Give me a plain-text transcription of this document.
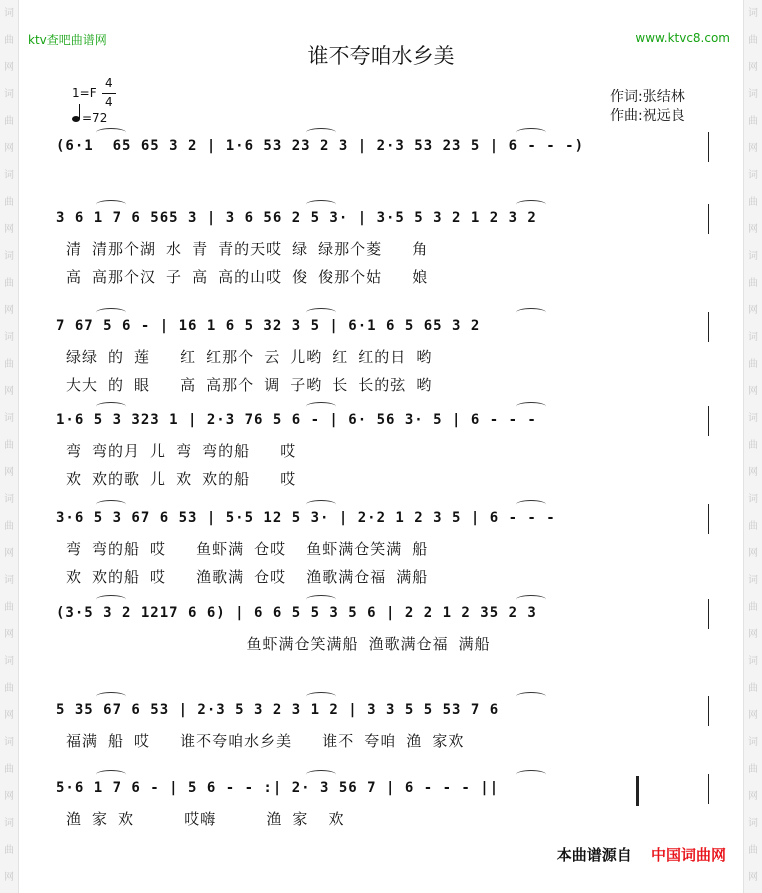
词
曲
网
词
曲
网
词
曲
网
词
曲
网
词
曲
网
词
曲
网
词
曲
网
词
曲
网
词
曲
网
词
曲
网
词
曲
网
词
曲
网
词
曲
网
词
曲
网
词
曲
网
词
曲
网
词
曲
网
词
曲
网
词
曲
网
词
曲
网
词
曲
网
词
曲
网
ktv查吧曲谱网	www.ktvc8.com
谁不夸咱水乡美
1=F
4
4
=72
作词:张结林
作曲:祝远良
(6·1  65 65 3 2 | 1·6 53 23 2 3 | 2·3 53 23 5 | 6 - - -)
3 6 1 7 6 565 3 | 3 6 56 2 5 3· | 3·5 5 3 2 1 2 3 2
清 清那个湖 水 青 青的天哎 绿 绿那个菱   角
高 高那个汉 子 高 高的山哎 俊 俊那个姑   娘
7 67 5 6 - | 16 1 6 5 32 3 5 | 6·1 6 5 65 3 2
绿绿 的 莲   红 红那个 云 儿哟 红 红的日 哟
大大 的 眼   高 高那个 调 子哟 长 长的弦 哟
1·6 5 3 323 1 | 2·3 76 5 6 - | 6· 56 3· 5 | 6 - - -
弯 弯的月 儿 弯 弯的船   哎
欢 欢的歌 儿 欢 欢的船   哎
3·6 5 3 67 6 53 | 5·5 12 5 3· | 2·2 1 2 3 5 | 6 - - -
弯 弯的船 哎   鱼虾满 仓哎  鱼虾满仓笑满 船
欢 欢的船 哎   渔歌满 仓哎  渔歌满仓福 满船
(3·5 3 2 1217 6 6) | 6 6 5 5 3 5 6 | 2 2 1 2 35 2 3
鱼虾满仓笑满船 渔歌满仓福 满船
5 35 67 6 53 | 2·3 5 3 2 3 1 2 | 3 3 5 5 53 7 6
福满 船 哎   谁不夸咱水乡美   谁不 夸咱 渔 家欢
5·6 1 7 6 - | 5 6 - - :| 2· 3 56 7 | 6 - - - ||
渔 家 欢     哎嗨     渔 家  欢
本曲谱源自 中国词曲网
